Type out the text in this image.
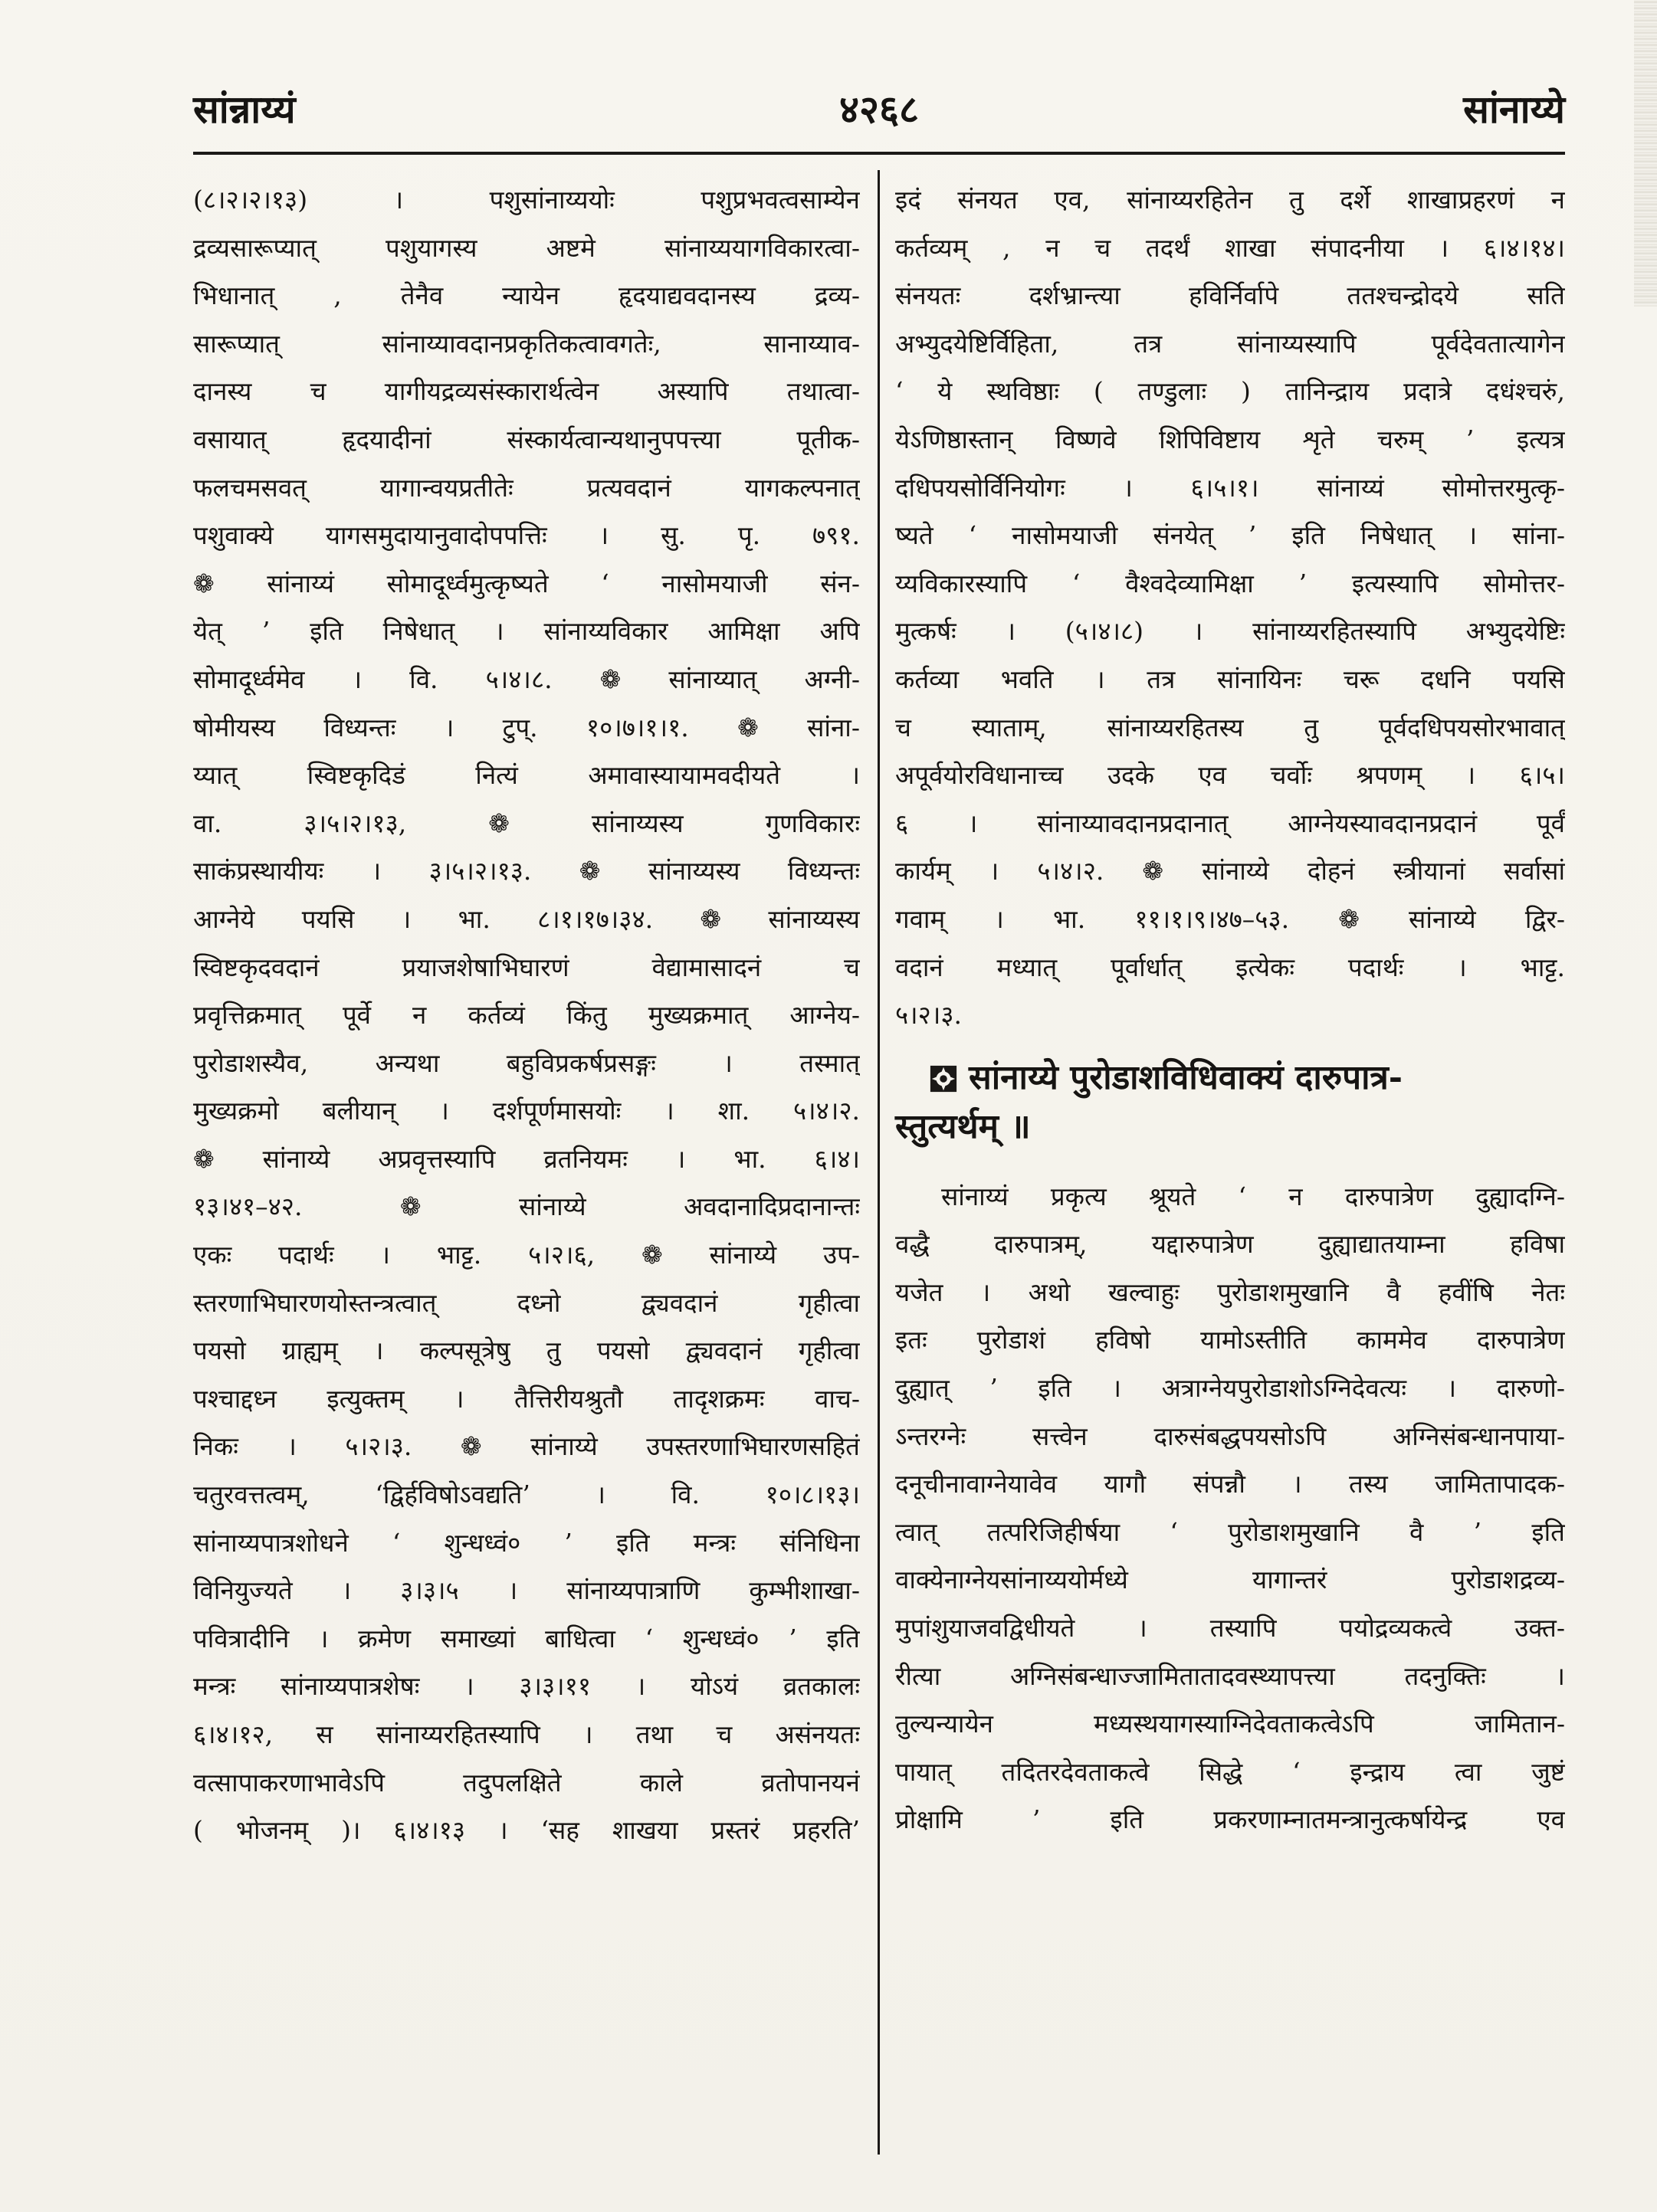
सांन्नाय्यं	४२६८	सांनाय्ये

(८।२।२।१३) । पशुसांनाय्ययोः पशुप्रभवत्वसाम्येन

द्रव्यसारूप्यात् पशुयागस्य अष्टमे सांनाय्ययागविकारत्वा-

भिधानात् , तेनैव न्यायेन हृदयाद्यवदानस्य द्रव्य-

सारूप्यात् सांनाय्यावदानप्रकृतिकत्वावगतेः, सानाय्याव-

दानस्य च यागीयद्रव्यसंस्कारार्थत्वेन अस्यापि तथात्वा-

वसायात् हृदयादीनां संस्कार्यत्वान्यथानुपपत्त्या पूतीक-

फलचमसवत् यागान्वयप्रतीतेः प्रत्यवदानं यागकल्पनात्

पशुवाक्ये यागसमुदायानुवादोपपत्तिः । सु. पृ. ७९१.

❁ सांनाय्यं सोमादूर्ध्वमुत्कृष्यते ‘ नासोमयाजी संन-

येत् ’ इति निषेधात् । सांनाय्यविकार आमिक्षा अपि

सोमादूर्ध्वमेव । वि. ५।४।८. ❁ सांनाय्यात् अग्नी-

षोमीयस्य विध्यन्तः । टुप्. १०।७।१।१. ❁ सांना-

य्यात् स्विष्टकृदिडं नित्यं अमावास्यायामवदीयते ।

वा. ३।५।२।१३, ❁ सांनाय्यस्य गुणविकारः

साकंप्रस्थायीयः । ३।५।२।१३. ❁ सांनाय्यस्य विध्यन्तः

आग्नेये पयसि । भा. ८।१।१७।३४. ❁ सांनाय्यस्य

स्विष्टकृदवदानं प्रयाजशेषाभिघारणं वेद्यामासादनं च

प्रवृत्तिक्रमात् पूर्वे न कर्तव्यं किंतु मुख्यक्रमात् आग्नेय-

पुरोडाशस्यैव, अन्यथा बहुविप्रकर्षप्रसङ्गः । तस्मात्

मुख्यक्रमो बलीयान् । दर्शपूर्णमासयोः । शा. ५।४।२.

❁ सांनाय्ये अप्रवृत्तस्यापि व्रतनियमः । भा. ६।४।

१३।४१–४२. ❁ सांनाय्ये अवदानादिप्रदानान्तः

एकः पदार्थः । भाट्ट. ५।२।६, ❁ सांनाय्ये उप-

स्तरणाभिघारणयोस्तन्त्रत्वात् दध्नो द्व्यवदानं गृहीत्वा

पयसो ग्राह्यम् । कल्पसूत्रेषु तु पयसो द्व्यवदानं गृहीत्वा

पश्चाद्दध्न इत्युक्तम् । तैत्तिरीयश्रुतौ तादृशक्रमः वाच-

निकः । ५।२।३. ❁ सांनाय्ये उपस्तरणाभिघारणसहितं

चतुरवत्तत्वम्, ‘द्विर्हविषोऽवद्यति’ । वि. १०।८।१३।

सांनाय्यपात्रशोधने ‘ शुन्धध्वं० ’ इति मन्त्रः संनिधिना

विनियुज्यते । ३।३।५ । सांनाय्यपात्राणि कुम्भीशाखा-

पवित्रादीनि । क्रमेण समाख्यां बाधित्वा ‘ शुन्धध्वं० ’ इति

मन्त्रः सांनाय्यपात्रशेषः । ३।३।११ । योऽयं व्रतकालः

६।४।१२, स सांनाय्यरहितस्यापि । तथा च असंनयतः

वत्सापाकरणाभावेऽपि तदुपलक्षिते काले व्रतोपानयनं

( भोजनम् )। ६।४।१३ । ‘सह शाखया प्रस्तरं प्रहरति’

इदं संनयत एव, सांनाय्यरहितेन तु दर्शे शाखाप्रहरणं न

कर्तव्यम् , न च तदर्थं शाखा संपादनीया । ६।४।१४।

संनयतः दर्शभ्रान्त्या हविर्निर्वापे ततश्चन्द्रोदये सति

अभ्युदयेष्टिर्विहिता, तत्र सांनाय्यस्यापि पूर्वदेवतात्यागेन

‘ ये स्थविष्ठाः ( तण्डुलाः ) तानिन्द्राय प्रदात्रे दधंश्चरुं,

येऽणिष्ठास्तान् विष्णवे शिपिविष्टाय शृते चरुम् ’ इत्यत्र

दधिपयसोर्विनियोगः । ६।५।१। सांनाय्यं सोमोत्तरमुत्कृ-

ष्यते ‘ नासोमयाजी संनयेत् ’ इति निषेधात् । सांना-

य्यविकारस्यापि ‘ वैश्वदेव्यामिक्षा ’ इत्यस्यापि सोमोत्तर-

मुत्कर्षः । (५।४।८) । सांनाय्यरहितस्यापि अभ्युदयेष्टिः

कर्तव्या भवति । तत्र सांनायिनः चरू दधनि पयसि

च स्याताम्, सांनाय्यरहितस्य तु पूर्वदधिपयसोरभावात्

अपूर्वयोरविधानाच्च उदके एव चर्वोः श्रपणम् । ६।५।

६ । सांनाय्यावदानप्रदानात् आग्नेयस्यावदानप्रदानं पूर्वं

कार्यम् । ५।४।२. ❁ सांनाय्ये दोहनं स्त्रीयानां सर्वासां

गवाम् । भा. ११।१।९।४७–५३. ❁ सांनाय्ये द्विर-

वदानं मध्यात् पूर्वार्धात् इत्येकः पदार्थः । भाट्ट.

५।२।३.

सांनाय्ये पुरोडाशविधिवाक्यं दारुपात्र-
स्तुत्यर्थम् ॥

सांनाय्यं प्रकृत्य श्रूयते ‘ न दारुपात्रेण दुह्यादग्नि-

वद्धै दारुपात्रम्, यद्दारुपात्रेण दुह्याद्यातयाम्ना हविषा

यजेत । अथो खल्वाहुः पुरोडाशमुखानि वै हवींषि नेतः

इतः पुरोडाशं हविषो यामोऽस्तीति काममेव दारुपात्रेण

दुह्यात् ’ इति । अत्राग्नेयपुरोडाशोऽग्निदेवत्यः । दारुणो-

ऽन्तरग्नेः सत्त्वेन दारुसंबद्धपयसोऽपि अग्निसंबन्धानपाया-

दनूचीनावाग्नेयावेव यागौ संपन्नौ । तस्य जामितापादक-

त्वात् तत्परिजिहीर्षया ‘ पुरोडाशमुखानि वै ’ इति

वाक्येनाग्नेयसांनाय्ययोर्मध्ये यागान्तरं पुरोडाशद्रव्य-

मुपांशुयाजवद्विधीयते । तस्यापि पयोद्रव्यकत्वे उक्त-

रीत्या अग्निसंबन्धाज्जामितातादवस्थ्यापत्त्या तदनुक्तिः ।

तुल्यन्यायेन मध्यस्थयागस्याग्निदेवताकत्वेऽपि जामितान-

पायात् तदितरदेवताकत्वे सिद्धे ‘ इन्द्राय त्वा जुष्टं

प्रोक्षामि ’ इति प्रकरणाम्नातमन्त्रानुत्कर्षायेन्द्र एव
